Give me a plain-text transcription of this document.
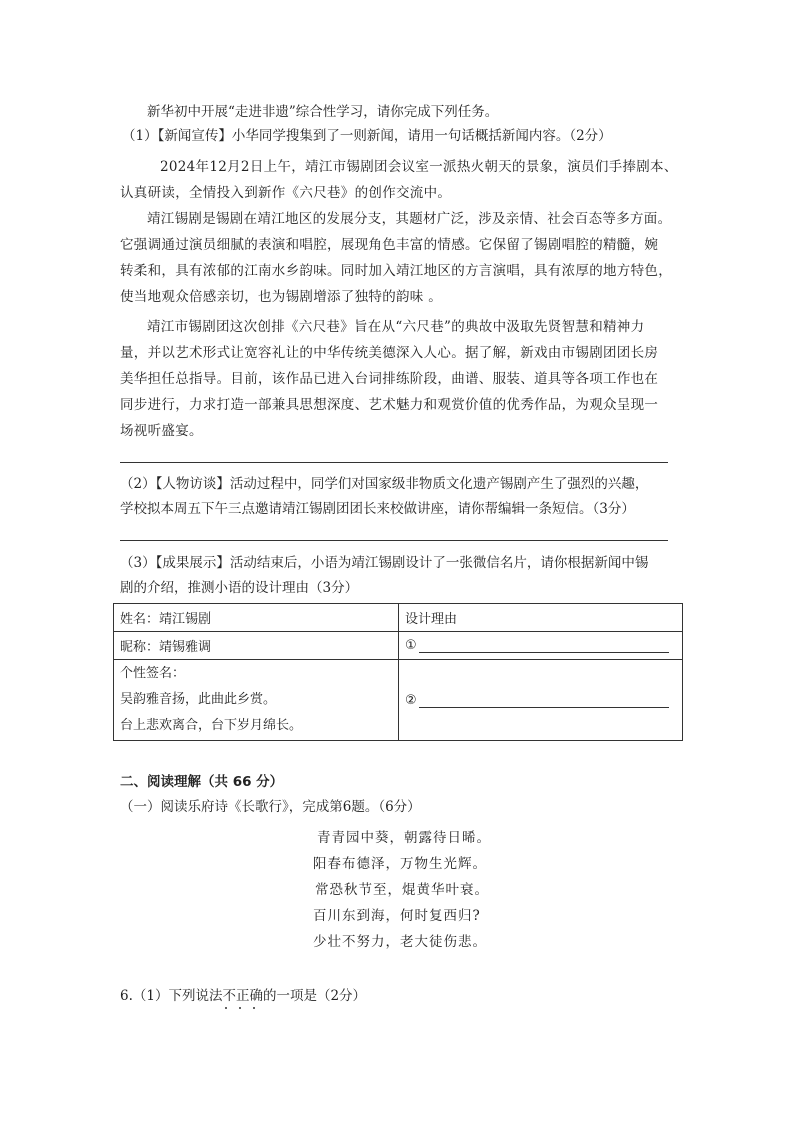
新华初中开展“走进非遗”综合性学习，请你完成下列任务。
（1）【新闻宣传】小华同学搜集到了一则新闻，请用一句话概括新闻内容。（2分）
2024年12月2日上午，靖江市锡剧团会议室一派热火朝天的景象，演员们手捧剧本、
认真研读，全情投入到新作《六尺巷》的创作交流中。
靖江锡剧是锡剧在靖江地区的发展分支，其题材广泛，涉及亲情、社会百态等多方面。
它强调通过演员细腻的表演和唱腔，展现角色丰富的情感。它保留了锡剧唱腔的精髓，婉
转柔和，具有浓郁的江南水乡韵味。同时加入靖江地区的方言演唱，具有浓厚的地方特色，
使当地观众倍感亲切，也为锡剧增添了独特的韵味 。
靖江市锡剧团这次创排《六尺巷》旨在从“六尺巷”的典故中汲取先贤智慧和精神力
量，并以艺术形式让宽容礼让的中华传统美德深入人心。据了解，新戏由市锡剧团团长房
美华担任总指导。目前，该作品已进入台词排练阶段，曲谱、服装、道具等各项工作也在
同步进行，力求打造一部兼具思想深度、艺术魅力和观赏价值的优秀作品，为观众呈现一
场视听盛宴。
（2）【人物访谈】活动过程中，同学们对国家级非物质文化遗产锡剧产生了强烈的兴趣，
学校拟本周五下午三点邀请靖江锡剧团团长来校做讲座，请你帮编辑一条短信。（3分）
（3）【成果展示】活动结束后，小语为靖江锡剧设计了一张微信名片，请你根据新闻中锡
剧的介绍，推测小语的设计理由（3分）
姓名：靖江锡剧	设计理由
昵称：靖锡雅调	①

个性签名：
吴韵雅音扬，此曲此乡赏。
台上悲欢离合，台下岁月绵长。	②
二、阅读理解（共 66 分）
（一）阅读乐府诗《长歌行》，完成第6题。（6分）
青青园中葵，朝露待日晞。
阳春布德泽，万物生光辉。
常恐秋节至，焜黄华叶衰。
百川东到海，何时复西归?
少壮不努力，老大徒伤悲。
6.（1）下列说法不正确的一项是（2分）
